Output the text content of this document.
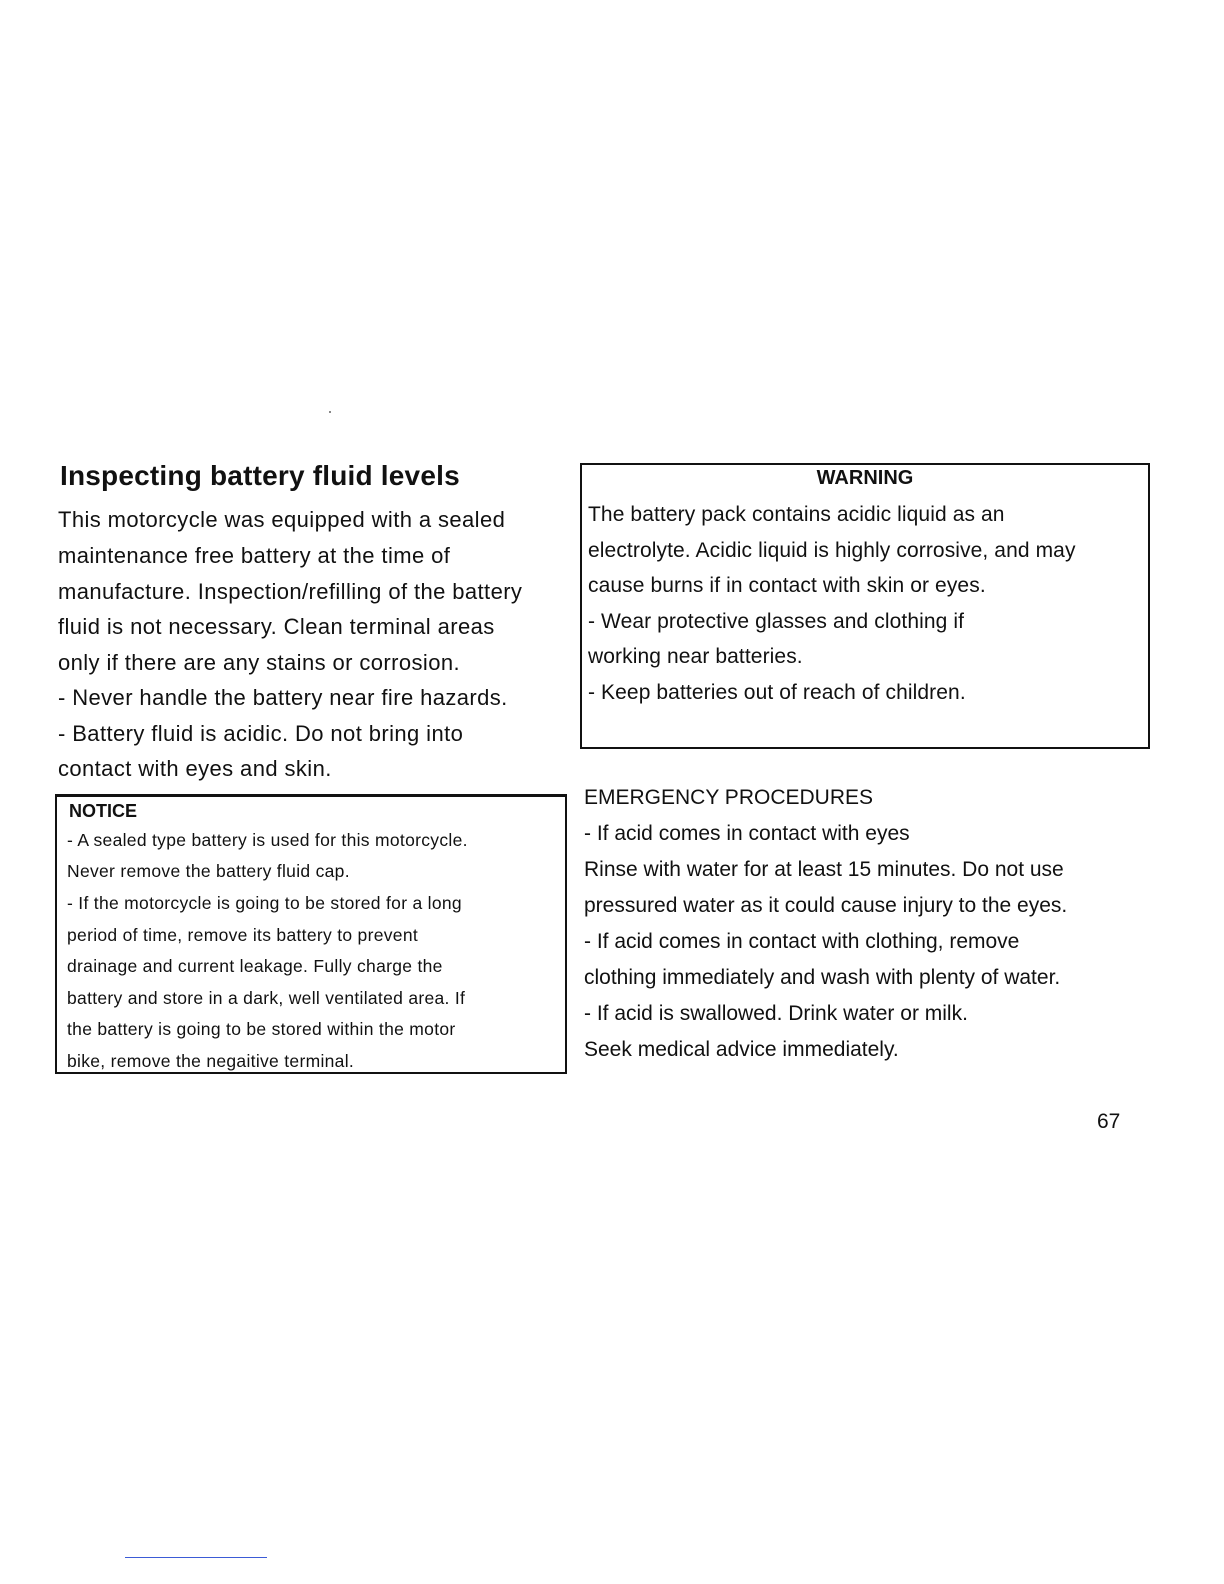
Inspecting battery fluid levels
This motorcycle was equipped with a sealed
maintenance free battery at the time of
manufacture. Inspection/refilling of the battery
fluid is not necessary. Clean terminal areas
only if there are any stains or corrosion.
- Never handle the battery near fire hazards.
- Battery fluid is acidic. Do not bring into
contact with eyes and skin.
NOTICE
- A sealed type battery is used for this motorcycle.
Never remove the battery fluid cap.
- If the motorcycle is going to be stored for a long
period of time, remove its battery to prevent
drainage and current leakage. Fully charge the
battery and store in a dark, well ventilated area. If
the battery is going to be stored within the motor
bike, remove the negaitive terminal.
WARNING
The battery pack contains acidic liquid as an
electrolyte. Acidic liquid is highly corrosive, and may
cause burns if in contact with skin or eyes.
- Wear protective glasses and clothing if
working near batteries.
- Keep batteries out of reach of children.
EMERGENCY PROCEDURES
- If acid comes in contact with eyes
Rinse with water for at least 15 minutes. Do not use
pressured water as it could cause injury to the eyes.
- If acid comes in contact with clothing, remove
clothing immediately and wash with plenty of water.
- If acid is swallowed. Drink water or milk.
Seek medical advice immediately.
67
